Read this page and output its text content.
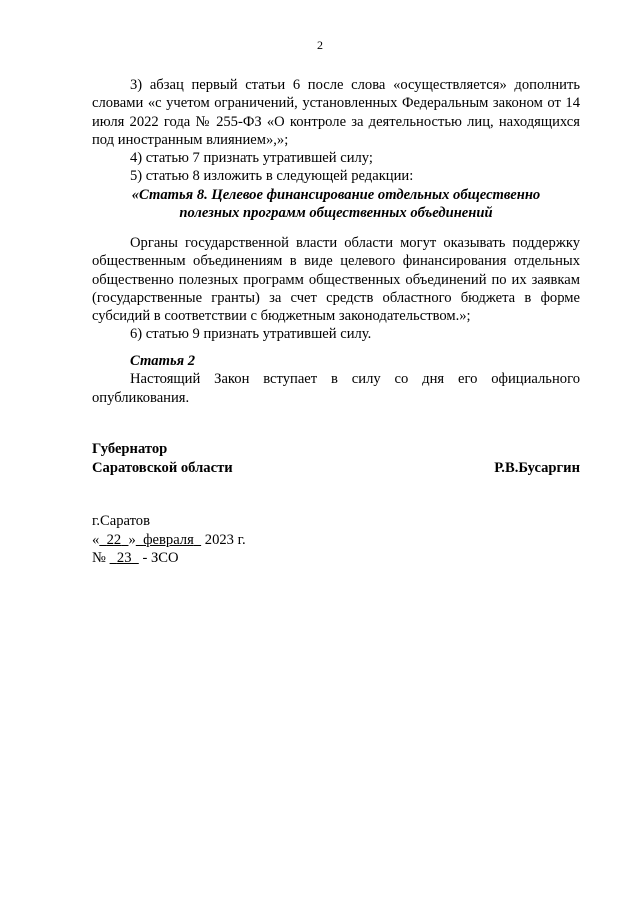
2

3) абзац первый статьи 6 после слова «осуществляется» дополнить словами «с учетом ограничений, установленных Федеральным законом от 14 июля 2022 года № 255-ФЗ «О контроле за деятельностью лиц, находящихся под иностранным влиянием»,»;

4) статью 7 признать утратившей силу;

5) статью 8 изложить в следующей редакции:

«Статья 8. Целевое финансирование отдельных общественно

полезных программ общественных объединений

Органы государственной власти области могут оказывать поддержку общественным объединениям в виде целевого финансирования отдельных общественно полезных программ общественных объединений по их заявкам (государственные гранты) за счет средств областного бюджета в форме субсидий в соответствии с бюджетным законодательством.»;

6) статью 9 признать утратившей силу.

Статья 2

Настоящий Закон вступает в силу со дня его официального опубликования.

Губернатор
Саратовской области	Р.В.Бусаргин
г.Саратов
« 22 » февраля 2023 г.
№ 23 - ЗСО
